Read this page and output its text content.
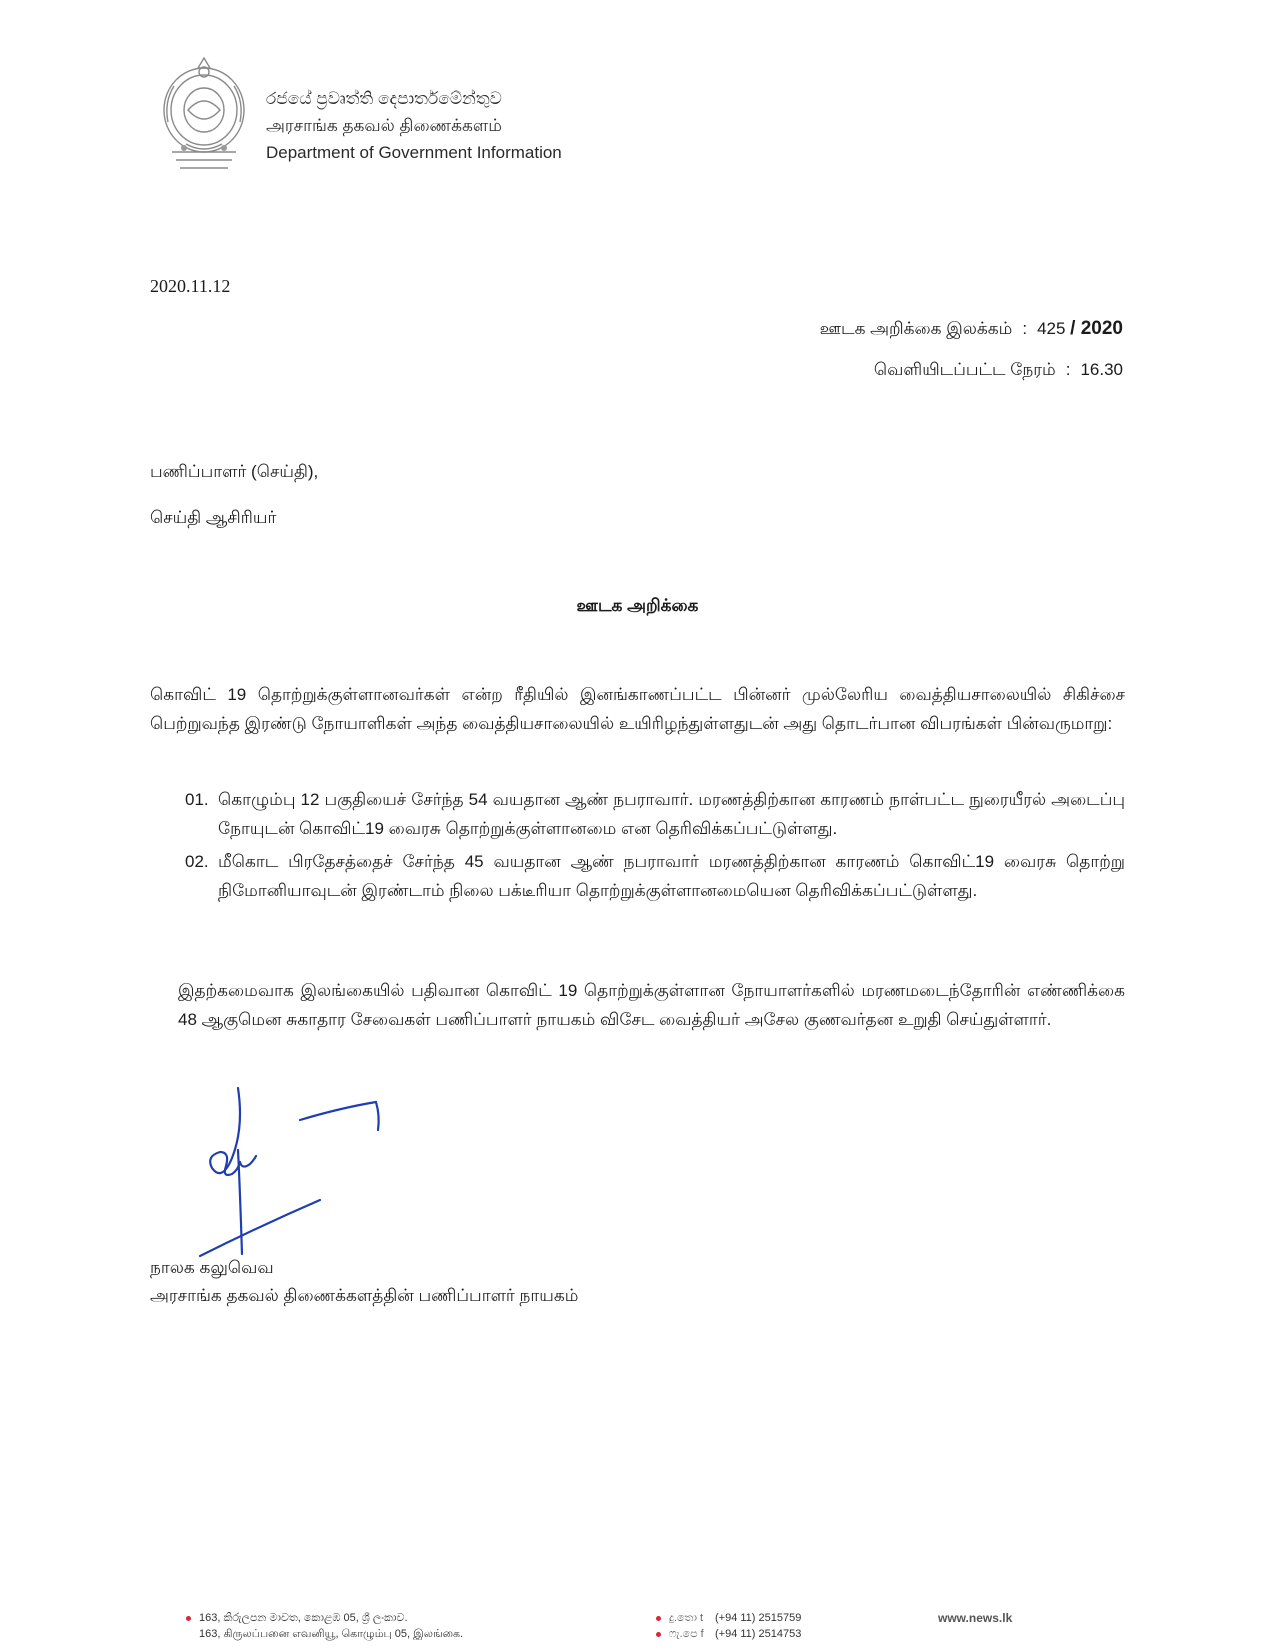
රජයේ ප්‍රවෘත්ති දෙපාර්තමේන්තුව
அரசாங்க தகவல் திணைக்களம்
Department of Government Information
2020.11.12
ஊடக அறிக்கை இலக்கம் : 425 / 2020
வெளியிடப்பட்ட நேரம் : 16.30
பணிப்பாளர் (செய்தி),
செய்தி ஆசிரியர்
ஊடக அறிக்கை
கொவிட் 19 தொற்றுக்குள்ளானவர்கள் என்ற ரீதியில் இனங்காணப்பட்ட பின்னர் முல்லேரிய வைத்தியசாலையில் சிகிச்சை பெற்றுவந்த இரண்டு நோயாளிகள் அந்த வைத்தியசாலையில் உயிரிழந்துள்ளதுடன் அது தொடர்பான விபரங்கள் பின்வருமாறு:
01. கொழும்பு 12 பகுதியைச் சேர்ந்த 54 வயதான ஆண் நபராவார். மரணத்திற்கான காரணம் நாள்பட்ட நுரையீரல் அடைப்பு நோயுடன் கொவிட்19 வைரசு தொற்றுக்குள்ளானமை என தெரிவிக்கப்பட்டுள்ளது.
02. மீகொட பிரதேசத்தைச் சேர்ந்த 45 வயதான ஆண் நபராவார் மரணத்திற்கான காரணம் கொவிட்19 வைரசு தொற்று நிமோனியாவுடன் இரண்டாம் நிலை பக்டீரியா தொற்றுக்குள்ளானமையென தெரிவிக்கப்பட்டுள்ளது.
இதற்கமைவாக இலங்கையில் பதிவான கொவிட் 19 தொற்றுக்குள்ளான நோயாளர்களில் மரணமடைந்தோரின் எண்ணிக்கை 48 ஆகுமென சுகாதார சேவைகள் பணிப்பாளர் நாயகம் விசேட வைத்தியர் அசேல குணவர்தன உறுதி செய்துள்ளார்.
நாலக கலுவெவ
அரசாங்க தகவல் திணைக்களத்தின் பணிப்பாளர் நாயகம்
163, කිරුලපන මාවත, කොළඹ 05, ශ්‍රී ලංකාව.
163, கிருலப்பனை எவனியூ, கொழும்பு 05, இலங்கை.
දු.තො t (+94 11) 2515759
ෆැ.පෙ f (+94 11) 2514753
www.news.lk
